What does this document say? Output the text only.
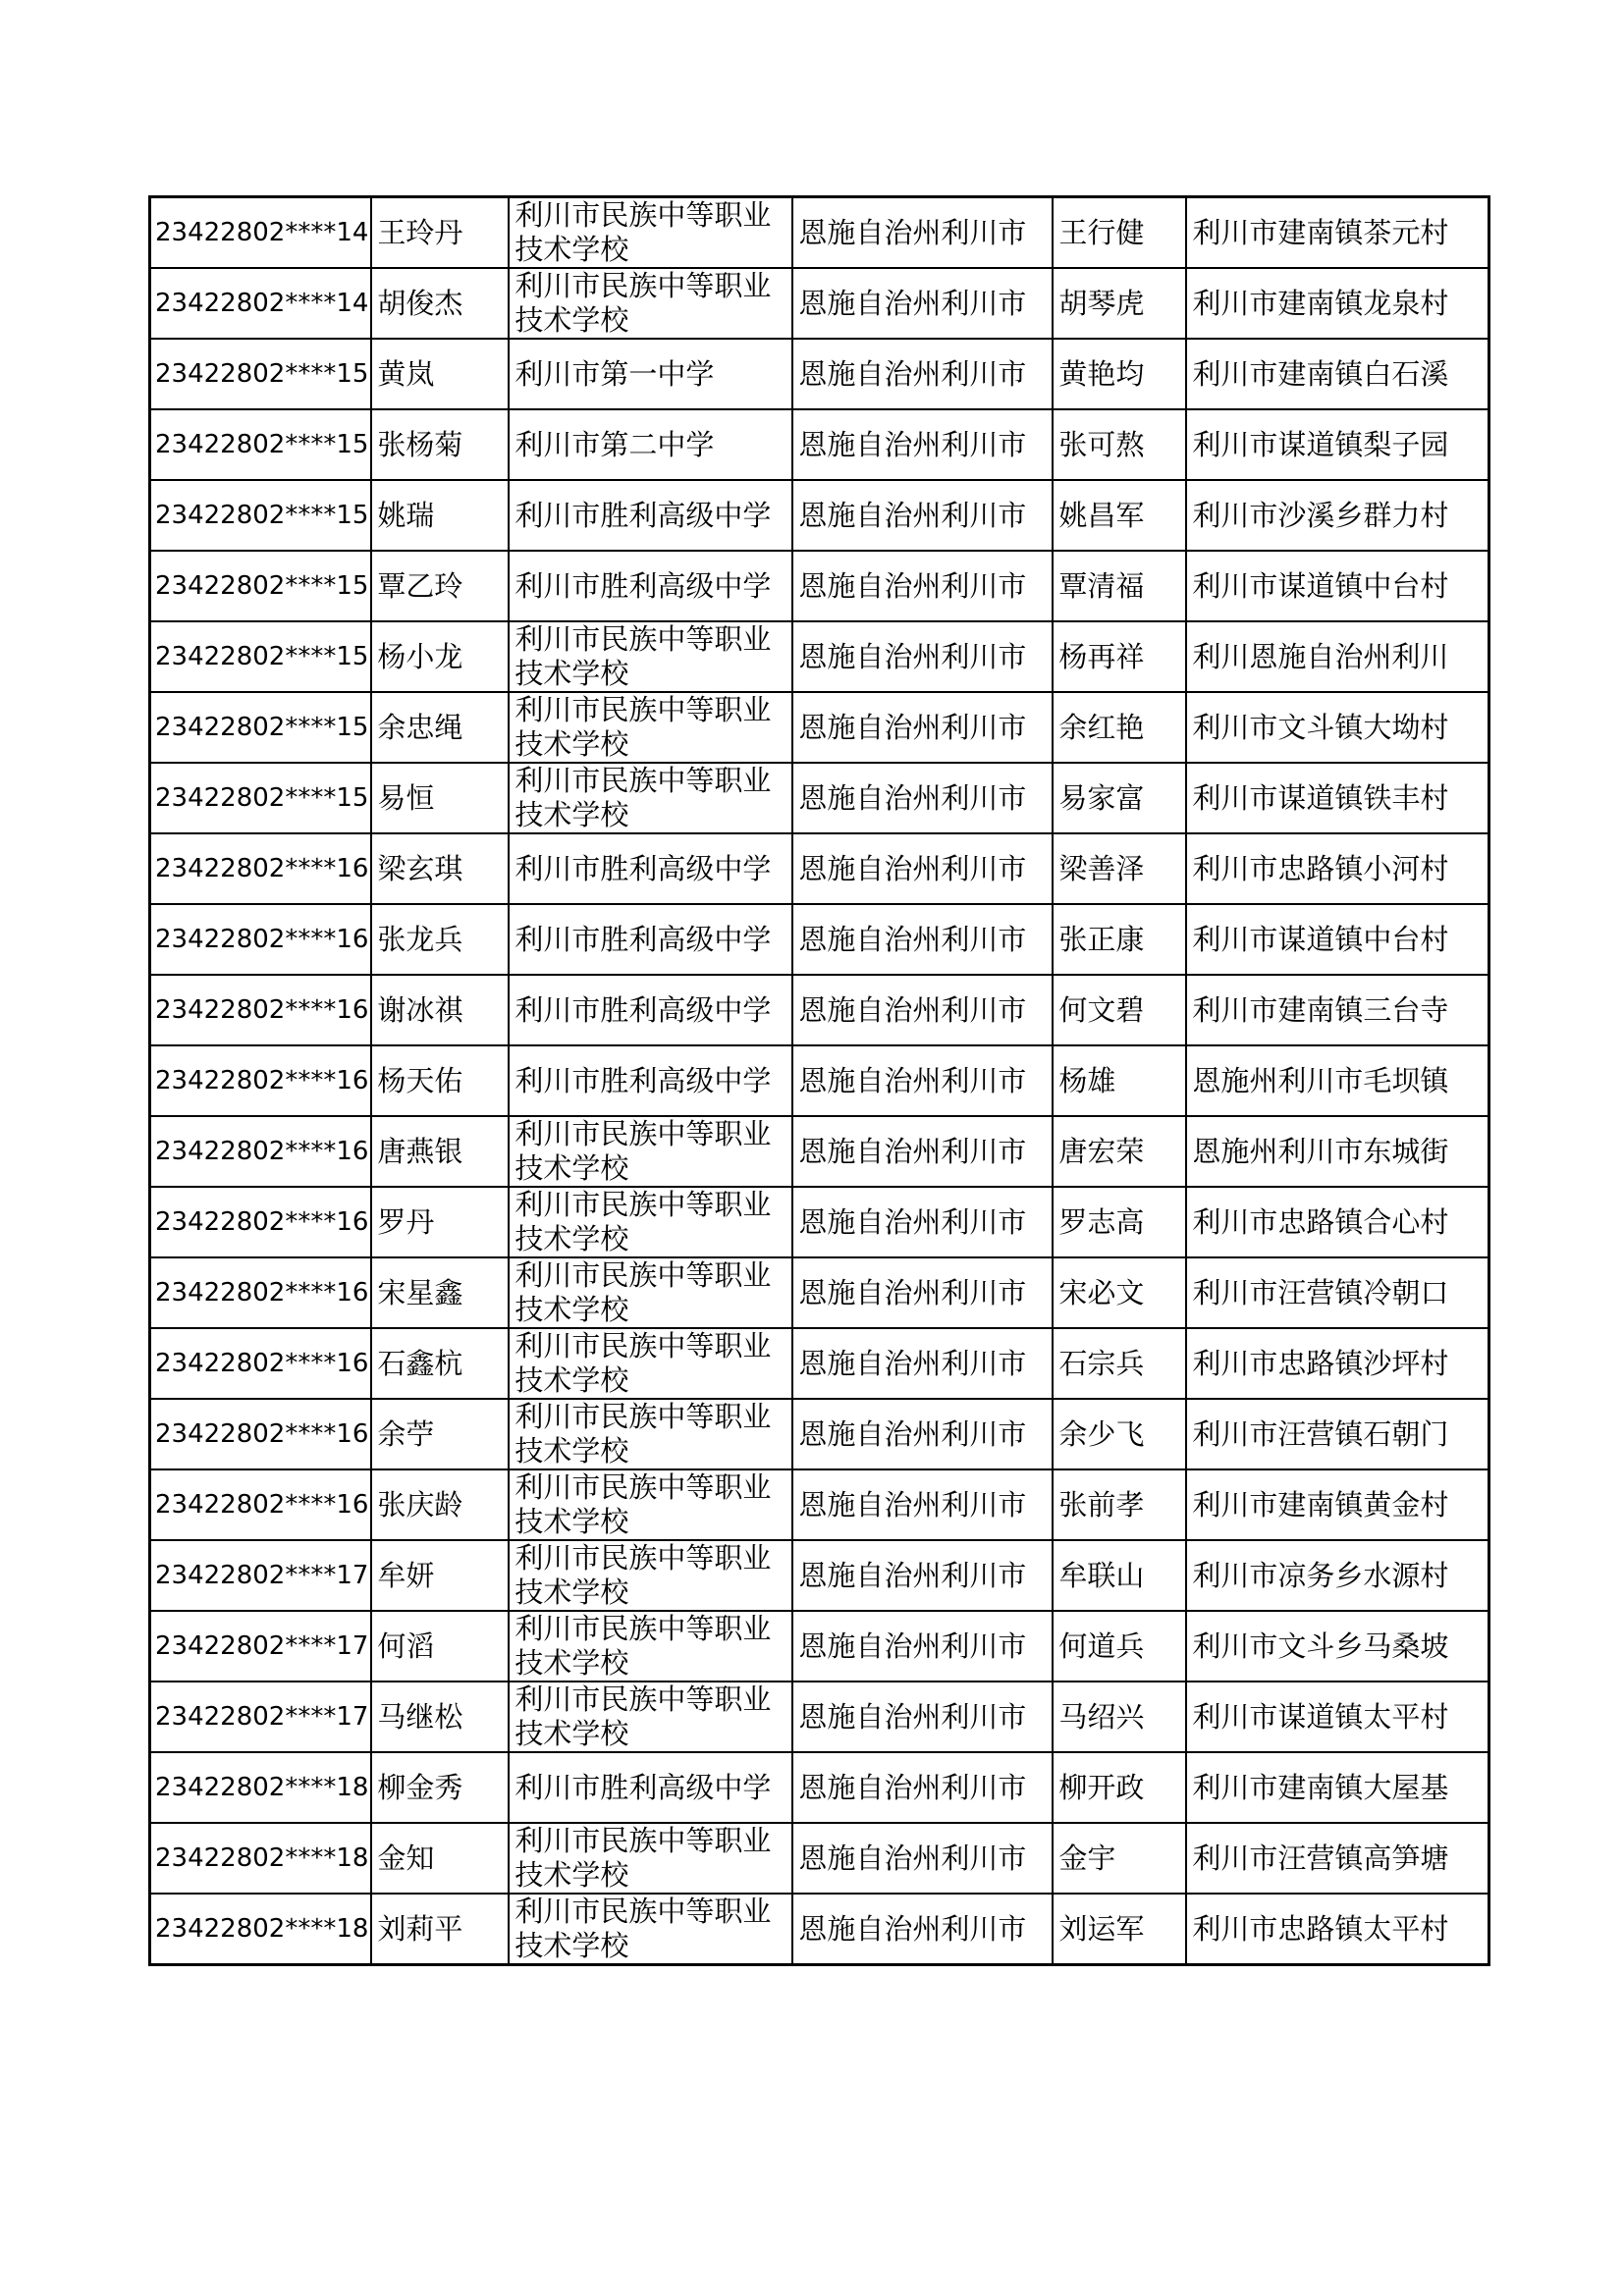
23422802****14	王玲丹	利川市民族中等职业技术学校	恩施自治州利川市	王行健	利川市建南镇茶元村
23422802****14	胡俊杰	利川市民族中等职业技术学校	恩施自治州利川市	胡琴虎	利川市建南镇龙泉村
23422802****15	黄岚	利川市第一中学	恩施自治州利川市	黄艳均	利川市建南镇白石溪
23422802****15	张杨菊	利川市第二中学	恩施自治州利川市	张可熬	利川市谋道镇梨子园
23422802****15	姚瑞	利川市胜利高级中学	恩施自治州利川市	姚昌军	利川市沙溪乡群力村
23422802****15	覃乙玲	利川市胜利高级中学	恩施自治州利川市	覃清福	利川市谋道镇中台村
23422802****15	杨小龙	利川市民族中等职业技术学校	恩施自治州利川市	杨再祥	利川恩施自治州利川
23422802****15	余忠绳	利川市民族中等职业技术学校	恩施自治州利川市	余红艳	利川市文斗镇大坳村
23422802****15	易恒	利川市民族中等职业技术学校	恩施自治州利川市	易家富	利川市谋道镇铁丰村
23422802****16	梁玄琪	利川市胜利高级中学	恩施自治州利川市	梁善泽	利川市忠路镇小河村
23422802****16	张龙兵	利川市胜利高级中学	恩施自治州利川市	张正康	利川市谋道镇中台村
23422802****16	谢冰祺	利川市胜利高级中学	恩施自治州利川市	何文碧	利川市建南镇三台寺
23422802****16	杨天佑	利川市胜利高级中学	恩施自治州利川市	杨雄	恩施州利川市毛坝镇
23422802****16	唐燕银	利川市民族中等职业技术学校	恩施自治州利川市	唐宏荣	恩施州利川市东城街
23422802****16	罗丹	利川市民族中等职业技术学校	恩施自治州利川市	罗志高	利川市忠路镇合心村
23422802****16	宋星鑫	利川市民族中等职业技术学校	恩施自治州利川市	宋必文	利川市汪营镇冷朝口
23422802****16	石鑫杭	利川市民族中等职业技术学校	恩施自治州利川市	石宗兵	利川市忠路镇沙坪村
23422802****16	余苧	利川市民族中等职业技术学校	恩施自治州利川市	余少飞	利川市汪营镇石朝门
23422802****16	张庆龄	利川市民族中等职业技术学校	恩施自治州利川市	张前孝	利川市建南镇黄金村
23422802****17	牟妍	利川市民族中等职业技术学校	恩施自治州利川市	牟联山	利川市凉务乡水源村
23422802****17	何滔	利川市民族中等职业技术学校	恩施自治州利川市	何道兵	利川市文斗乡马桑坡
23422802****17	马继松	利川市民族中等职业技术学校	恩施自治州利川市	马绍兴	利川市谋道镇太平村
23422802****18	柳金秀	利川市胜利高级中学	恩施自治州利川市	柳开政	利川市建南镇大屋基
23422802****18	金知	利川市民族中等职业技术学校	恩施自治州利川市	金宇	利川市汪营镇高笋塘
23422802****18	刘莉平	利川市民族中等职业技术学校	恩施自治州利川市	刘运军	利川市忠路镇太平村
